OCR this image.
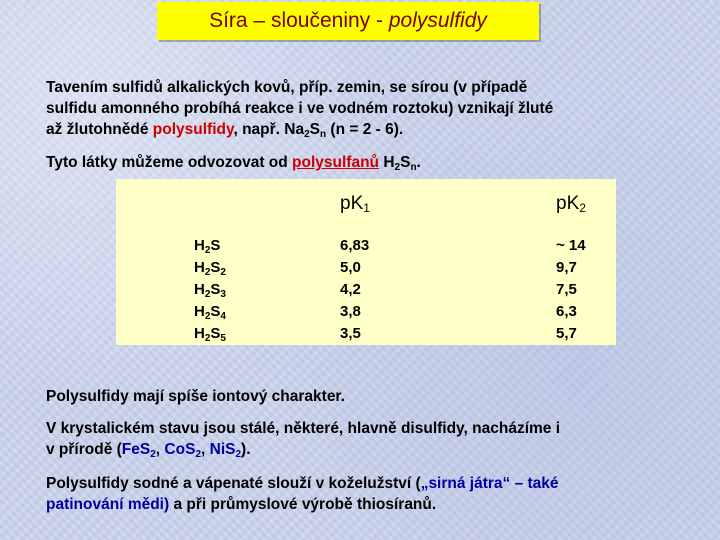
Síra – sloučeniny - polysulfidy
Tavením sulfidů alkalických kovů, příp. zemin, se sírou (v případě
sulfidu amonného probíhá reakce i ve vodném roztoku) vznikají žluté
až žlutohnědé polysulfidy, např. $Na_2S_n$ (n = 2 - 6).
Tyto látky můžeme odvozovat od polysulfanů $H_2S_n$.
$pK_1$	$pK_2$
$H_2S$
$H_2S_2$
$H_2S_3$
$H_2S_4$
$H_2S_5$
6,83
5,0
4,2
3,8
3,5
~ 14
9,7
7,5
6,3
5,7
Polysulfidy mají spíše iontový charakter.
V krystalickém stavu jsou stálé, některé, hlavně disulfidy, nacházíme i
v přírodě (FeS$_2$, CoS$_2$, NiS$_2$).
Polysulfidy sodné a vápenaté slouží v koželužství („sirná játra“ – také
patinování mědi) a při průmyslové výrobě thiosíranů.
